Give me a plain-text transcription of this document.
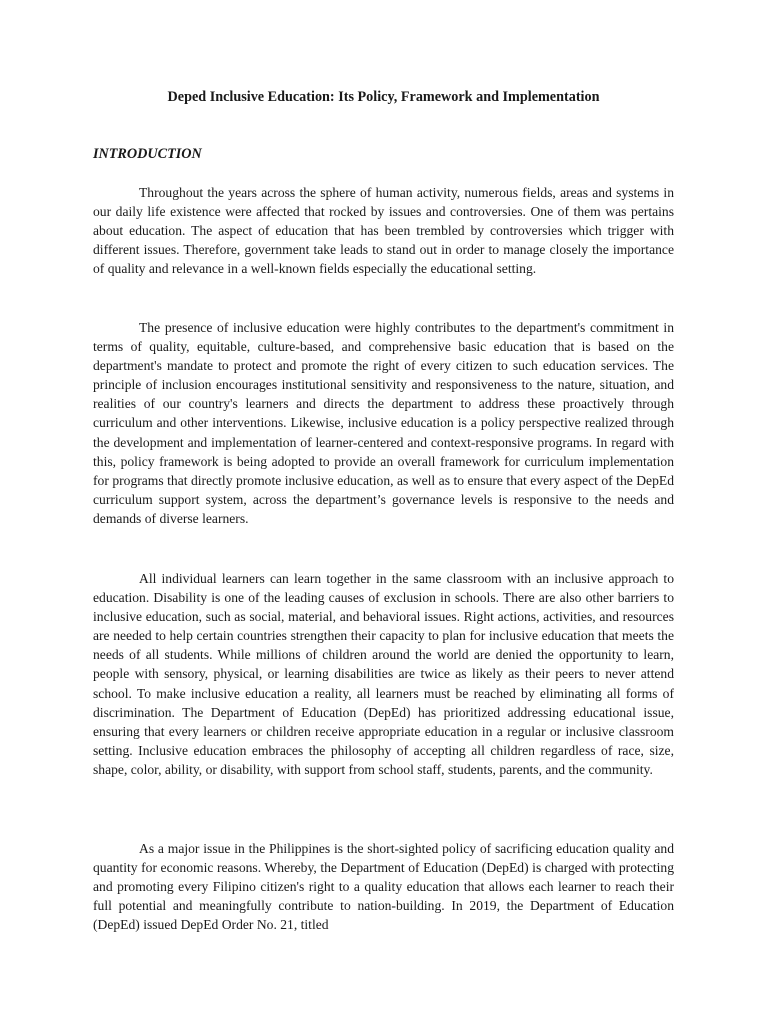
Deped Inclusive Education: Its Policy, Framework and Implementation
INTRODUCTION

Throughout the years across the sphere of human activity, numerous fields, areas and systems in our daily life existence were affected that rocked by issues and controversies. One of them was pertains about education. The aspect of education that has been trembled by controversies which trigger with different issues. Therefore, government take leads to stand out in order to manage closely the importance of quality and relevance in a well-known fields especially the educational setting.

The presence of inclusive education were highly contributes to the department's commitment in terms of quality, equitable, culture-based, and comprehensive basic education that is based on the department's mandate to protect and promote the right of every citizen to such education services. The principle of inclusion encourages institutional sensitivity and responsiveness to the nature, situation, and realities of our country's learners and directs the department to address these proactively through curriculum and other interventions. Likewise, inclusive education is a policy perspective realized through the development and implementation of learner-centered and context-responsive programs. In regard with this, policy framework is being adopted to provide an overall framework for curriculum implementation for programs that directly promote inclusive education, as well as to ensure that every aspect of the DepEd curriculum support system, across the department’s governance levels is responsive to the needs and demands of diverse learners.

All individual learners can learn together in the same classroom with an inclusive approach to education. Disability is one of the leading causes of exclusion in schools. There are also other barriers to inclusive education, such as social, material, and behavioral issues. Right actions, activities, and resources are needed to help certain countries strengthen their capacity to plan for inclusive education that meets the needs of all students. While millions of children around the world are denied the opportunity to learn, people with sensory, physical, or learning disabilities are twice as likely as their peers to never attend school. To make inclusive education a reality, all learners must be reached by eliminating all forms of discrimination. The Department of Education (DepEd) has prioritized addressing educational issue, ensuring that every learners or children receive appropriate education in a regular or inclusive classroom setting. Inclusive education embraces the philosophy of accepting all children regardless of race, size, shape, color, ability, or disability, with support from school staff, students, parents, and the community.

As a major issue in the Philippines is the short-sighted policy of sacrificing education quality and quantity for economic reasons. Whereby, the Department of Education (DepEd) is charged with protecting and promoting every Filipino citizen's right to a quality education that allows each learner to reach their full potential and meaningfully contribute to nation-building. In 2019, the Department of Education (DepEd) issued DepEd Order No. 21, titled
